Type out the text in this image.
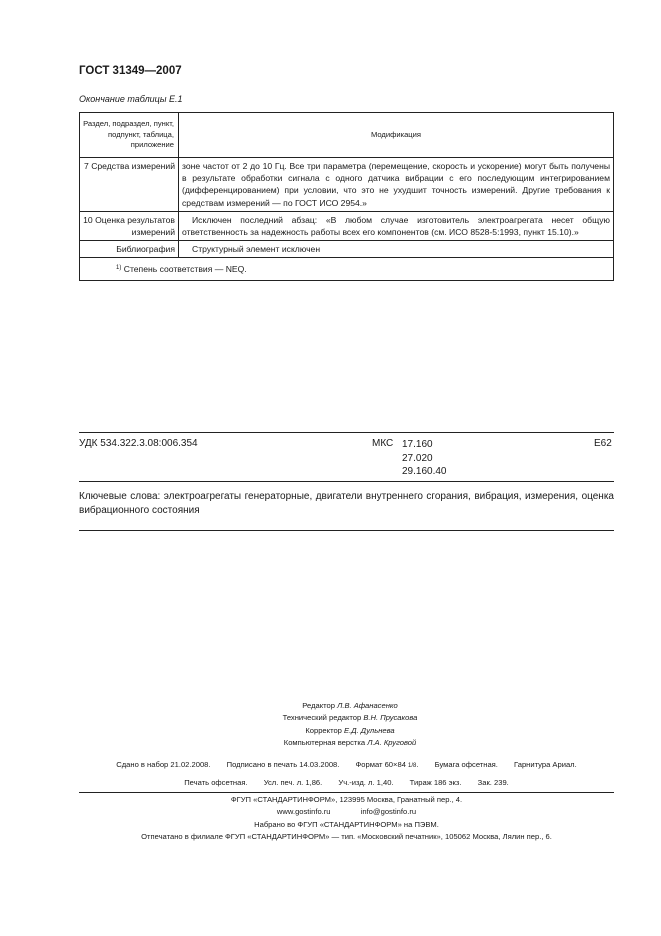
ГОСТ 31349—2007
Окончание таблицы Е.1
Раздел, подраздел, пункт, подпункт, таблица, приложение	Модификация
7 Средства измерений	зоне частот от 2 до 10 Гц. Все три параметра (перемещение, скорость и ускорение) могут быть получены в результате обработки сигнала с одного датчика вибрации с его последующим интегрированием (дифференцированием) при условии, что это не ухудшит точность измерений. Другие требования к средствам измерений — по ГОСТ ИСО 2954.»
10 Оценка результатов измерений	Исключен последний абзац: «В любом случае изготовитель электроагрегата несет общую ответственность за надежность работы всех его компонентов (см. ИСО 8528-5:1993, пункт 15.10).»
Библиография	Структурный элемент исключен
$^{1)}$ Степень соответствия — NEQ.	
УДК 534.322.3.08:006.354	МКС 17.160
27.020
29.160.40
Е62
Ключевые слова: электроагрегаты генераторные, двигатели внутреннего сгорания, вибрация, измерения, оценка вибрационного состояния
Редактор Л.В. Афанасенко
Технический редактор В.Н. Прусакова
Корректор Е.Д. Дульнева
Компьютерная верстка Л.А. Круговой
Сдано в набор 21.02.2008. Подписано в печать 14.03.2008. Формат 60×84 1/8. Бумага офсетная. Гарнитура Ариал.
Печать офсетная. Усл. печ. л. 1,86. Уч.-изд. л. 1,40. Тираж 186 экз. Зак. 239.
ФГУП «СТАНДАРТИНФОРМ», 123995 Москва, Гранатный пер., 4.
www.gostinfo.ru	info@gostinfo.ru
Набрано во ФГУП «СТАНДАРТИНФОРМ» на ПЭВМ.
Отпечатано в филиале ФГУП «СТАНДАРТИНФОРМ» — тип. «Московский печатник», 105062 Москва, Лялин пер., 6.
